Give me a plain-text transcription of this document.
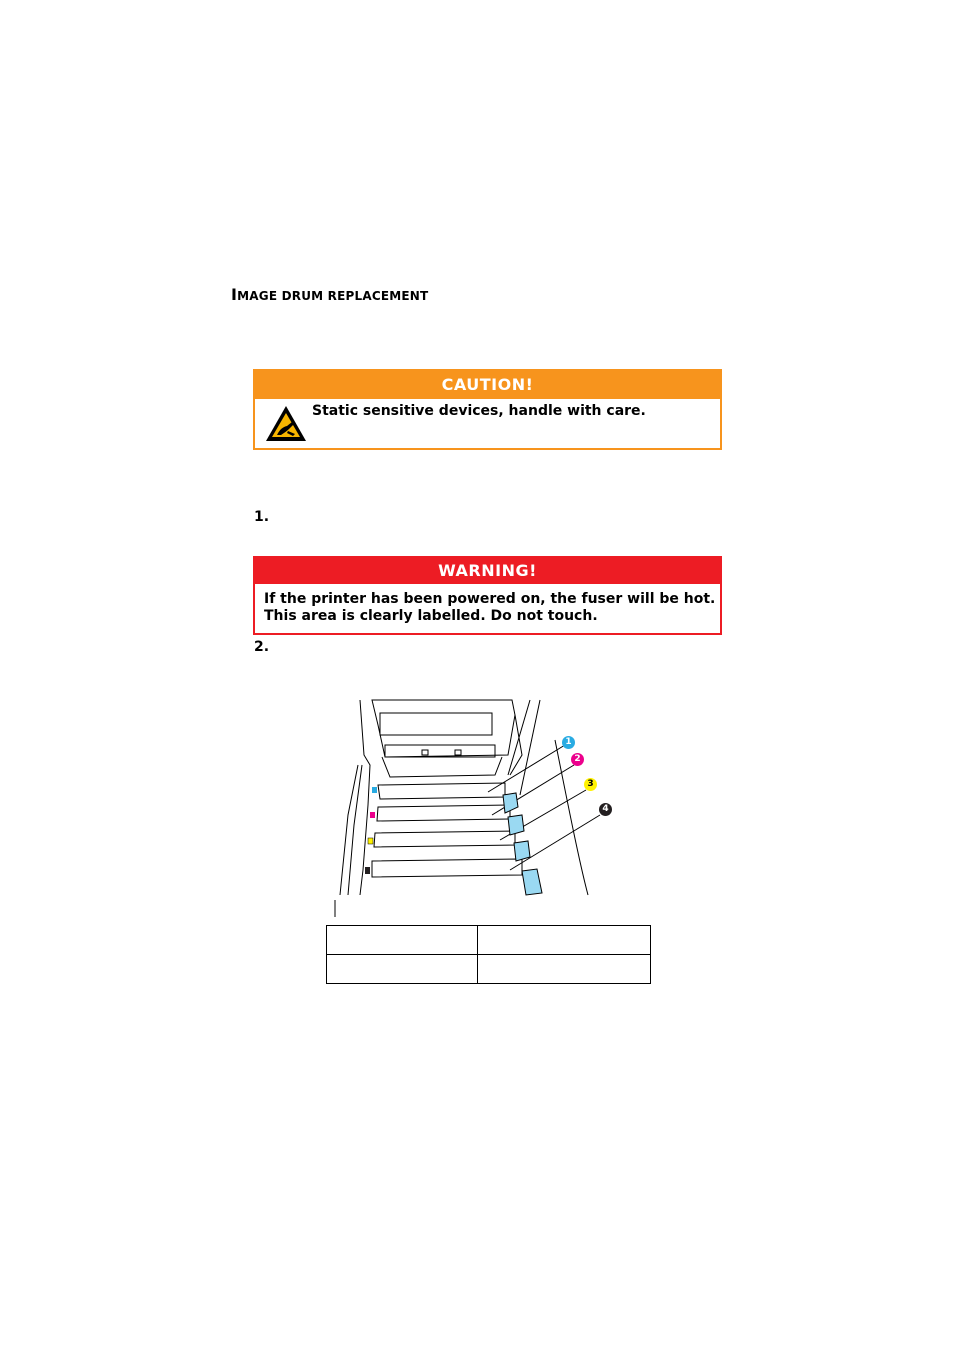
IMAGE DRUM REPLACEMENT
CAUTION!
Static sensitive devices, handle with care.
1.
WARNING!
If the printer has been powered on, the fuser will be hot.
This area is clearly labelled. Do not touch.
2.
1
2
3
4
